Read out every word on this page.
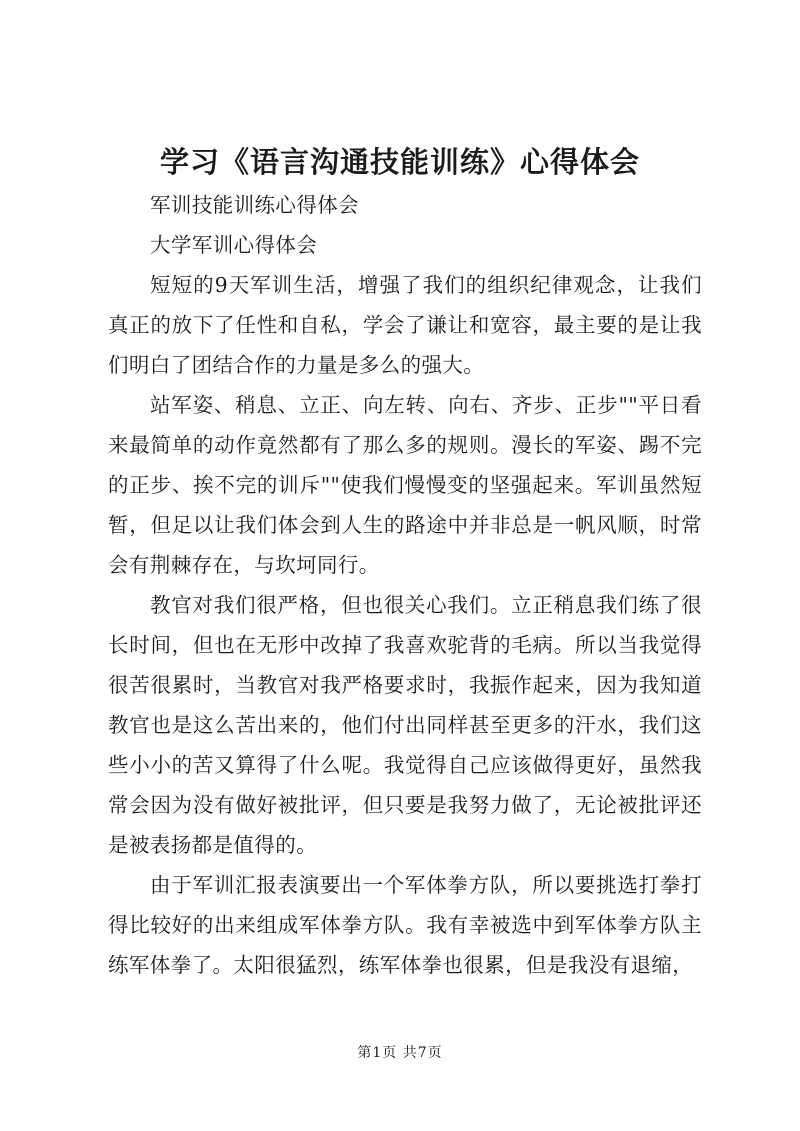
学习《语言沟通技能训练》心得体会

军训技能训练心得体会

大学军训心得体会

短短的9天军训生活，增强了我们的组织纪律观念，让我们真正的放下了任性和自私，学会了谦让和宽容，最主要的是让我们明白了团结合作的力量是多么的强大。

站军姿、稍息、立正、向左转、向右、齐步、正步""平日看来最简单的动作竟然都有了那么多的规则。漫长的军姿、踢不完的正步、挨不完的训斥""使我们慢慢变的坚强起来。军训虽然短暂，但足以让我们体会到人生的路途中并非总是一帆风顺，时常会有荆棘存在，与坎坷同行。

教官对我们很严格，但也很关心我们。立正稍息我们练了很长时间，但也在无形中改掉了我喜欢驼背的毛病。所以当我觉得很苦很累时，当教官对我严格要求时，我振作起来，因为我知道教官也是这么苦出来的，他们付出同样甚至更多的汗水，我们这些小小的苦又算得了什么呢。我觉得自己应该做得更好，虽然我常会因为没有做好被批评，但只要是我努力做了，无论被批评还是被表扬都是值得的。

由于军训汇报表演要出一个军体拳方队，所以要挑选打拳打得比较好的出来组成军体拳方队。我有幸被选中到军体拳方队主练军体拳了。太阳很猛烈，练军体拳也很累，但是我没有退缩，

第1页 共7页
